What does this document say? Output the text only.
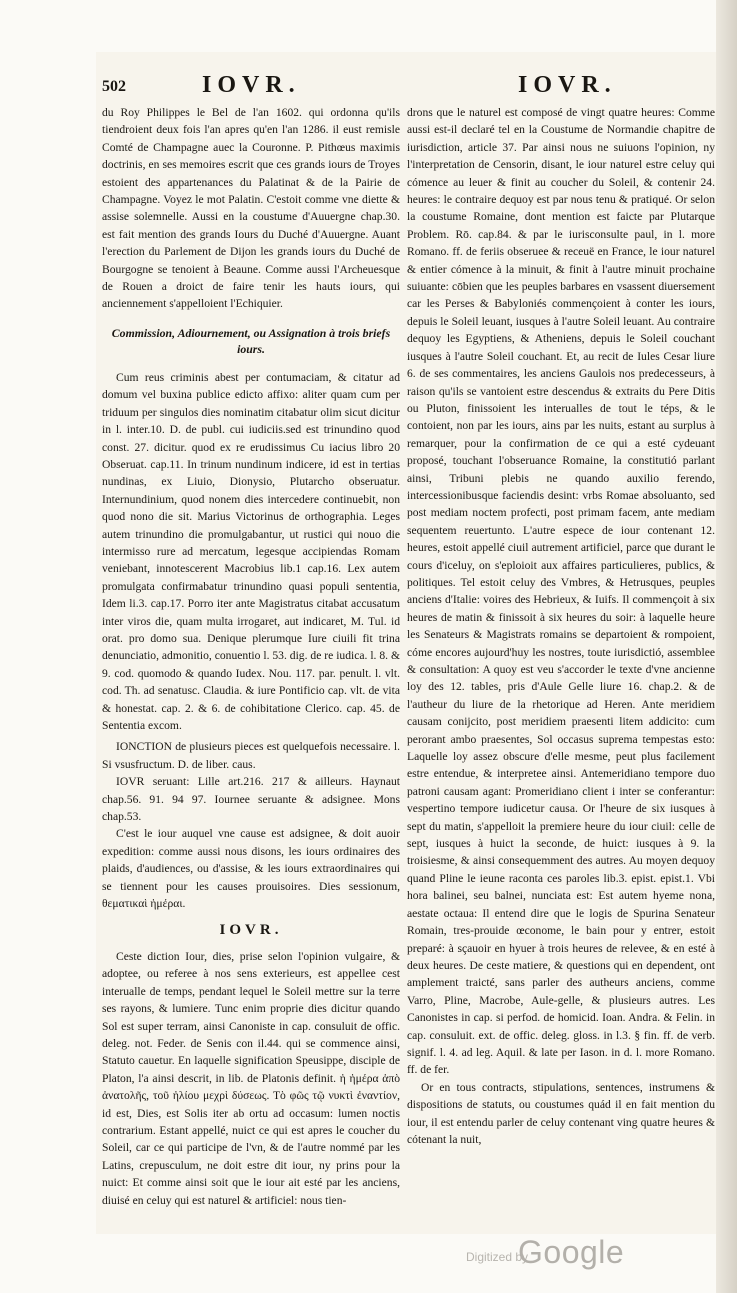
502	IOVR.	IOVR.

du Roy Philippes le Bel de l'an 1602. qui ordonna qu'ils tiendroient deux fois l'an apres qu'en l'an 1286. il eust remisle Comté de Champagne auec la Couronne. P. Pithœus maximis doctrinis, en ses memoires escrit que ces grands iours de Troyes estoient des appartenances du Palatinat & de la Pairie de Champagne. Voyez le mot Palatin. C'estoit comme vne diette & assise solemnelle. Aussi en la coustume d'Auuergne chap.30. est fait mention des grands Iours du Duché d'Auuergne. Auant l'erection du Parlement de Dijon les grands iours du Duché de Bourgogne se tenoient à Beaune. Comme aussi l'Archeuesque de Rouen a droict de faire tenir les hauts iours, qui anciennement s'appelloient l'Echiquier.

Commission, Adiournement, ou Assignation à trois briefs iours.

Cum reus criminis abest per contumaciam, & citatur ad domum vel buxina publice edicto affixo: aliter quam cum per triduum per singulos dies nominatim citabatur olim sicut dicitur in l. inter.10. D. de publ. cui iudiciis.sed est trinundino quod const. 27. dicitur. quod ex re erudissimus Cu iacius libro 20 Obseruat. cap.11. In trinum nundinum indicere, id est in tertias nundinas, ex Liuio, Dionysio, Plutarcho obseruatur. Internundinium, quod nonem dies intercedere continuebit, non quod nono die sit. Marius Victorinus de orthographia. Leges autem trinundino die promulgabantur, ut rustici qui nouo die intermisso rure ad mercatum, legesque accipiendas Romam veniebant, innotescerent Macrobius lib.1 cap.16. Lex autem promulgata confirmabatur trinundino quasi populi sententia, Idem li.3. cap.17. Porro iter ante Magistratus citabat accusatum inter viros die, quam multa irrogaret, aut indicaret, M. Tul. id orat. pro domo sua. Denique plerumque Iure ciuili fit trina denunciatio, admonitio, conuentio l. 53. dig. de re iudica. l. 8. & 9. cod. quomodo & quando Iudex. Nou. 117. par. penult. l. vlt. cod. Th. ad senatusc. Claudia. & iure Pontificio cap. vlt. de vita & honestat. cap. 2. & 6. de cohibitatione Clerico. cap. 45. de Sententia excom.

IONCTION de plusieurs pieces est quelquefois necessaire. l. Si vsusfructum. D. de liber. caus.

IOVR seruant: Lille art.216. 217 & ailleurs. Haynaut chap.56. 91. 94 97. Iournee seruante & adsignee. Mons chap.53.

C'est le iour auquel vne cause est adsignee, & doit auoir expedition: comme aussi nous disons, les iours ordinaires des plaids, d'audiences, ou d'assise, & les iours extraordinaires qui se tiennent pour les causes prouisoires. Dies sessionum, θεματικαὶ ἡμέραι.

IOVR.

Ceste diction Iour, dies, prise selon l'opinion vulgaire, & adoptee, ou referee à nos sens exterieurs, est appellee cest interualle de temps, pendant lequel le Soleil mettre sur la terre ses rayons, & lumiere. Tunc enim proprie dies dicitur quando Sol est super terram, ainsi Canoniste in cap. consuluit de offic. deleg. not. Feder. de Senis con il.44. qui se commence ainsi, Statuto cauetur. En laquelle signification Speusippe, disciple de Platon, l'a ainsi descrit, in lib. de Platonis definit. ἡ ἡμέρα ἀπὸ ἀνατολῆς, τοῦ ἡλίου μεχρὶ δύσεως. Τὸ φῶς τῷ νυκτὶ ἐναντίον, id est, Dies, est Solis iter ab ortu ad occasum: lumen noctis contrarium. Estant appellé, nuict ce qui est apres le coucher du Soleil, car ce qui participe de l'vn, & de l'autre nommé par les Latins, crepusculum, ne doit estre dit iour, ny prins pour la nuict: Et comme ainsi soit que le iour ait esté par les anciens, diuisé en celuy qui est naturel & artificiel: nous tien-

drons que le naturel est composé de vingt quatre heures: Comme aussi est-il declaré tel en la Coustume de Normandie chapitre de iurisdiction, article 37. Par ainsi nous ne suiuons l'opinion, ny l'interpretation de Censorin, disant, le iour naturel estre celuy qui cómence au leuer & finit au coucher du Soleil, & contenir 24. heures: le contraire dequoy est par nous tenu & pratiqué. Or selon la coustume Romaine, dont mention est faicte par Plutarque Problem. Rō. cap.84. & par le iurisconsulte paul, in l. more Romano. ff. de feriis obseruee & receuë en France, le iour naturel & entier cómence à la minuit, & finit à l'autre minuit prochaine suiuante: cōbien que les peuples barbares en vsassent diuersement car les Perses & Babyloniés commençoient à conter les iours, depuis le Soleil leuant, iusques à l'autre Soleil leuant. Au contraire dequoy les Egyptiens, & Atheniens, depuis le Soleil couchant iusques à l'autre Soleil couchant. Et, au recit de Iules Cesar liure 6. de ses commentaires, les anciens Gaulois nos predecesseurs, à raison qu'ils se vantoient estre descendus & extraits du Pere Ditis ou Pluton, finissoient les interualles de tout le téps, & le contoient, non par les iours, ains par les nuits, estant au surplus à remarquer, pour la confirmation de ce qui a esté cydeuant proposé, touchant l'obseruance Romaine, la constitutió parlant ainsi, Tribuni plebis ne quando auxilio ferendo, intercessionibusque faciendis desint: vrbs Romae absoluanto, sed post mediam noctem profecti, post primam facem, ante mediam sequentem reuertunto. L'autre espece de iour contenant 12. heures, estoit appellé ciuil autrement artificiel, parce que durant le cours d'iceluy, on s'eploioit aux affaires particulieres, publics, & politiques. Tel estoit celuy des Vmbres, & Hetrusques, peuples anciens d'Italie: voires des Hebrieux, & Iuifs. Il commençoit à six heures de matin & finissoit à six heures du soir: à laquelle heure les Senateurs & Magistrats romains se departoient & rompoient, cóme encores aujourd'huy les nostres, toute iurisdictió, assemblee & consultation: A quoy est veu s'accorder le texte d'vne ancienne loy des 12. tables, pris d'Aule Gelle liure 16. chap.2. & de l'autheur du liure de la rhetorique ad Heren. Ante meridiem causam conijcito, post meridiem praesenti litem addicito: cum perorant ambo praesentes, Sol occasus suprema tempestas esto: Laquelle loy assez obscure d'elle mesme, peut plus facilement estre entendue, & interpretee ainsi. Antemeridiano tempore duo patroni causam agant: Promeridiano client i inter se conferantur: vespertino tempore iudicetur causa. Or l'heure de six iusques à sept du matin, s'appelloit la premiere heure du iour ciuil: celle de sept, iusques à huict la seconde, de huict: iusques à 9. la troisiesme, & ainsi consequemment des autres. Au moyen dequoy quand Pline le ieune raconta ces paroles lib.3. epist. epist.1. Vbi hora balinei, seu balnei, nunciata est: Est autem hyeme nona, aestate octaua: Il entend dire que le logis de Spurina Senateur Romain, tres-prouide œconome, le bain pour y entrer, estoit preparé: à sçauoir en hyuer à trois heures de relevee, & en esté à deux heures. De ceste matiere, & questions qui en dependent, ont amplement traicté, sans parler des autheurs anciens, comme Varro, Pline, Macrobe, Aule-gelle, & plusieurs autres. Les Canonistes in cap. si perfod. de homicid. Ioan. Andra. & Felin. in cap. consuluit. ext. de offic. deleg. gloss. in l.3. § fin. ff. de verb. signif. l. 4. ad leg. Aquil. & late per Iason. in d. l. more Romano. ff. de fer.

Or en tous contracts, stipulations, sentences, instrumens & dispositions de statuts, ou coustumes quád il en fait mention du iour, il est entendu parler de celuy contenant ving quatre heures & cótenant la nuit,

Digitized by
Google
